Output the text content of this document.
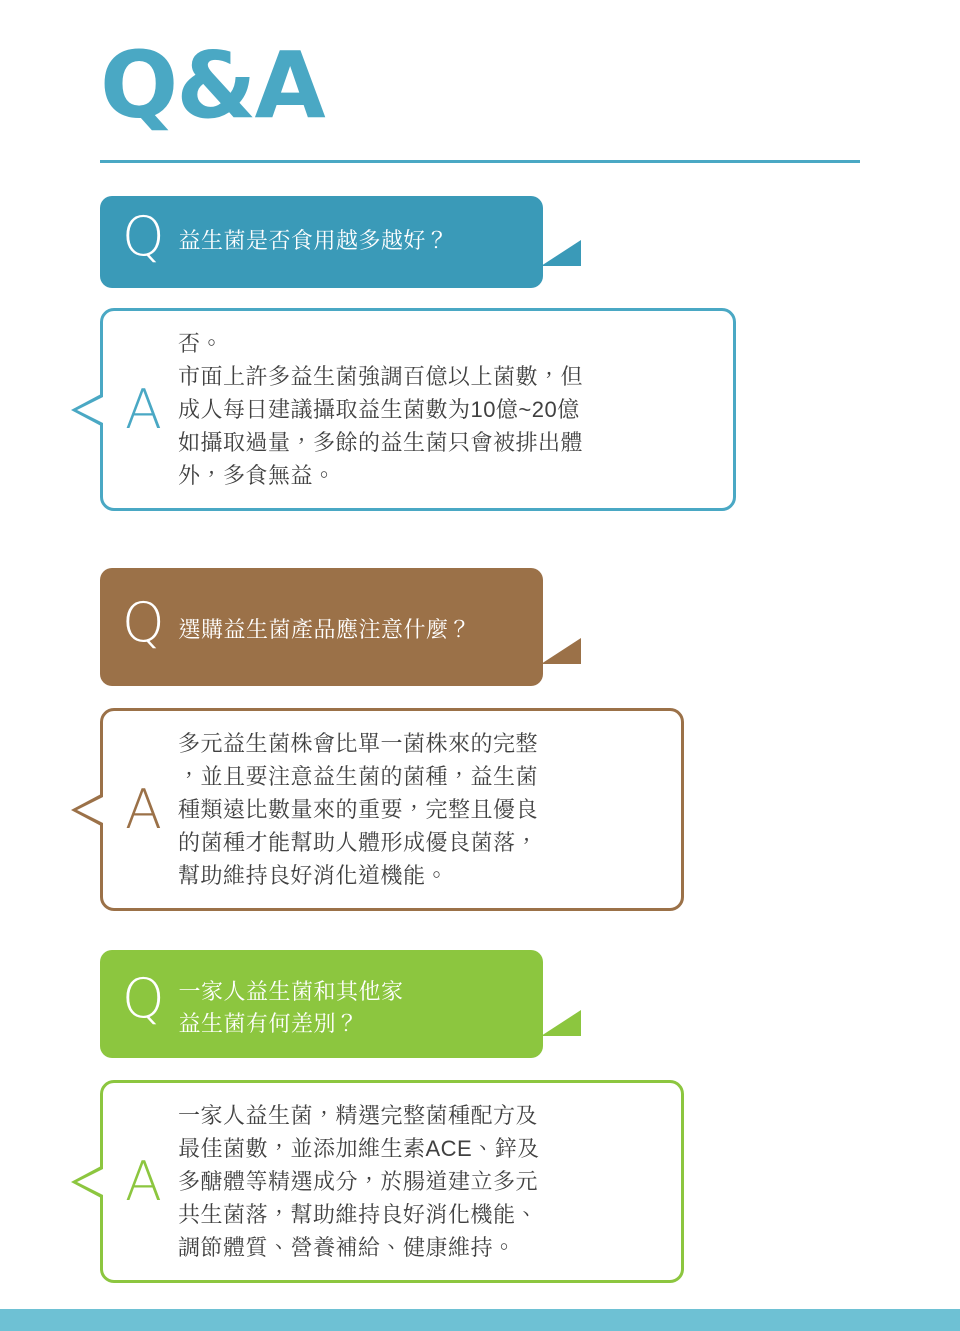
Q&A
Q 益生菌是否食用越多越好？
A
否。
市面上許多益生菌強調百億以上菌數，但
成人每日建議攝取益生菌數为10億~20億
如攝取過量，多餘的益生菌只會被排出體
外，多食無益。
Q 選購益生菌產品應注意什麼？
A
多元益生菌株會比單一菌株來的完整
，並且要注意益生菌的菌種，益生菌
種類遠比數量來的重要，完整且優良
的菌種才能幫助人體形成優良菌落，
幫助維持良好消化道機能。
Q 一家人益生菌和其他家
益生菌有何差別？
A
一家人益生菌，精選完整菌種配方及
最佳菌數，並添加維生素ACE、鋅及
多醣體等精選成分，於腸道建立多元
共生菌落，幫助維持良好消化機能、
調節體質、營養補給、健康維持。
